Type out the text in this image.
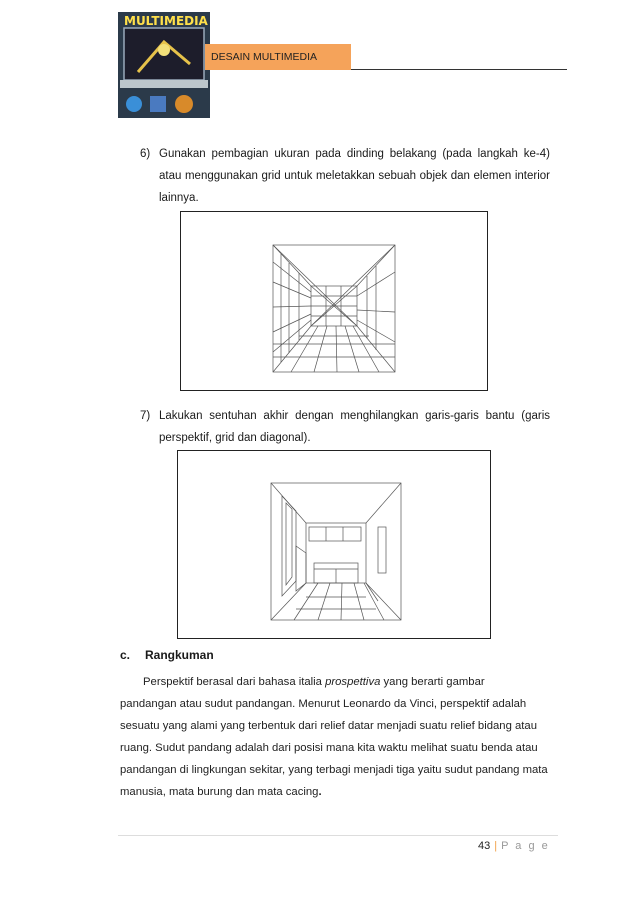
MULTIMEDIA
DESAIN MULTIMEDIA
6) Gunakan pembagian ukuran pada dinding belakang (pada langkah ke-4) atau menggunakan grid untuk meletakkan sebuah objek dan elemen interior lainnya.
7) Lakukan sentuhan akhir dengan menghilangkan garis-garis bantu (garis perspektif, grid dan diagonal).
c. Rangkuman

Perspektif berasal dari bahasa italia prospettiva yang berarti gambar

pandangan atau sudut pandangan. Menurut Leonardo da Vinci, perspektif adalah sesuatu yang alami yang terbentuk dari relief datar menjadi suatu relief bidang atau ruang. Sudut pandang adalah dari posisi mana kita waktu melihat suatu benda atau pandangan di lingkungan sekitar, yang terbagi menjadi tiga yaitu sudut pandang mata manusia, mata burung dan mata cacing.

43 | P a g e
